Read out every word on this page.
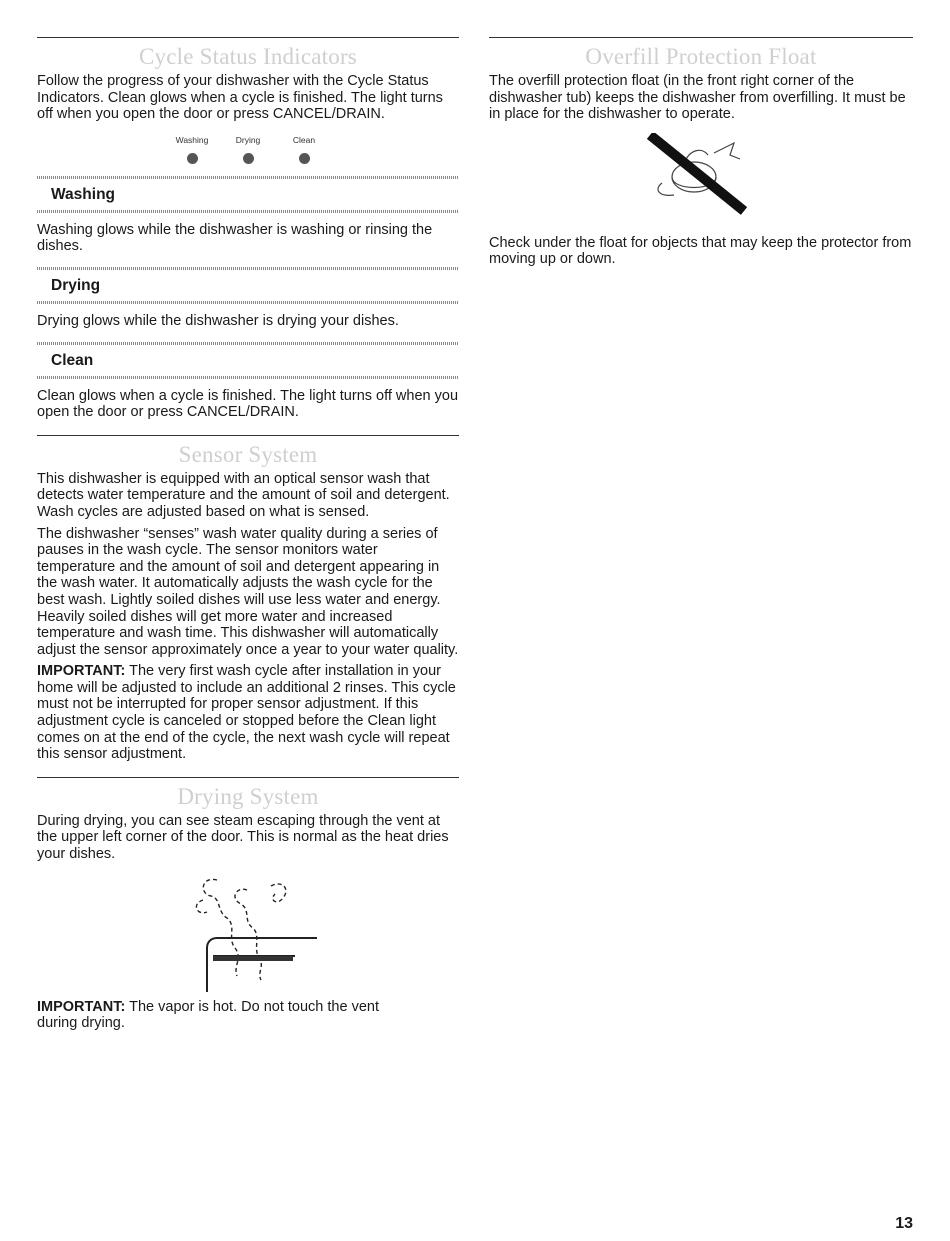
Cycle Status Indicators

Follow the progress of your dishwasher with the Cycle Status Indicators. Clean glows when a cycle is finished. The light turns off when you open the door or press CANCEL/DRAIN.

Washing	Drying	Clean
Washing

Washing glows while the dishwasher is washing or rinsing the dishes.

Drying

Drying glows while the dishwasher is drying your dishes.

Clean

Clean glows when a cycle is finished. The light turns off when you open the door or press CANCEL/DRAIN.

Sensor System

This dishwasher is equipped with an optical sensor wash that detects water temperature and the amount of soil and detergent. Wash cycles are adjusted based on what is sensed.

The dishwasher “senses” wash water quality during a series of pauses in the wash cycle. The sensor monitors water temperature and the amount of soil and detergent appearing in the wash water. It automatically adjusts the wash cycle for the best wash. Lightly soiled dishes will use less water and energy. Heavily soiled dishes will get more water and increased temperature and wash time. This dishwasher will automatically adjust the sensor approximately once a year to your water quality.

IMPORTANT: The very first wash cycle after installation in your home will be adjusted to include an additional 2 rinses. This cycle must not be interrupted for proper sensor adjustment. If this adjustment cycle is canceled or stopped before the Clean light comes on at the end of the cycle, the next wash cycle will repeat this sensor adjustment.

Drying System

During drying, you can see steam escaping through the vent at the upper left corner of the door. This is normal as the heat dries your dishes.

IMPORTANT: The vapor is hot. Do not touch the vent during drying.

Overfill Protection Float

The overfill protection float (in the front right corner of the dishwasher tub) keeps the dishwasher from overfilling. It must be in place for the dishwasher to operate.

Check under the float for objects that may keep the protector from moving up or down.

13
